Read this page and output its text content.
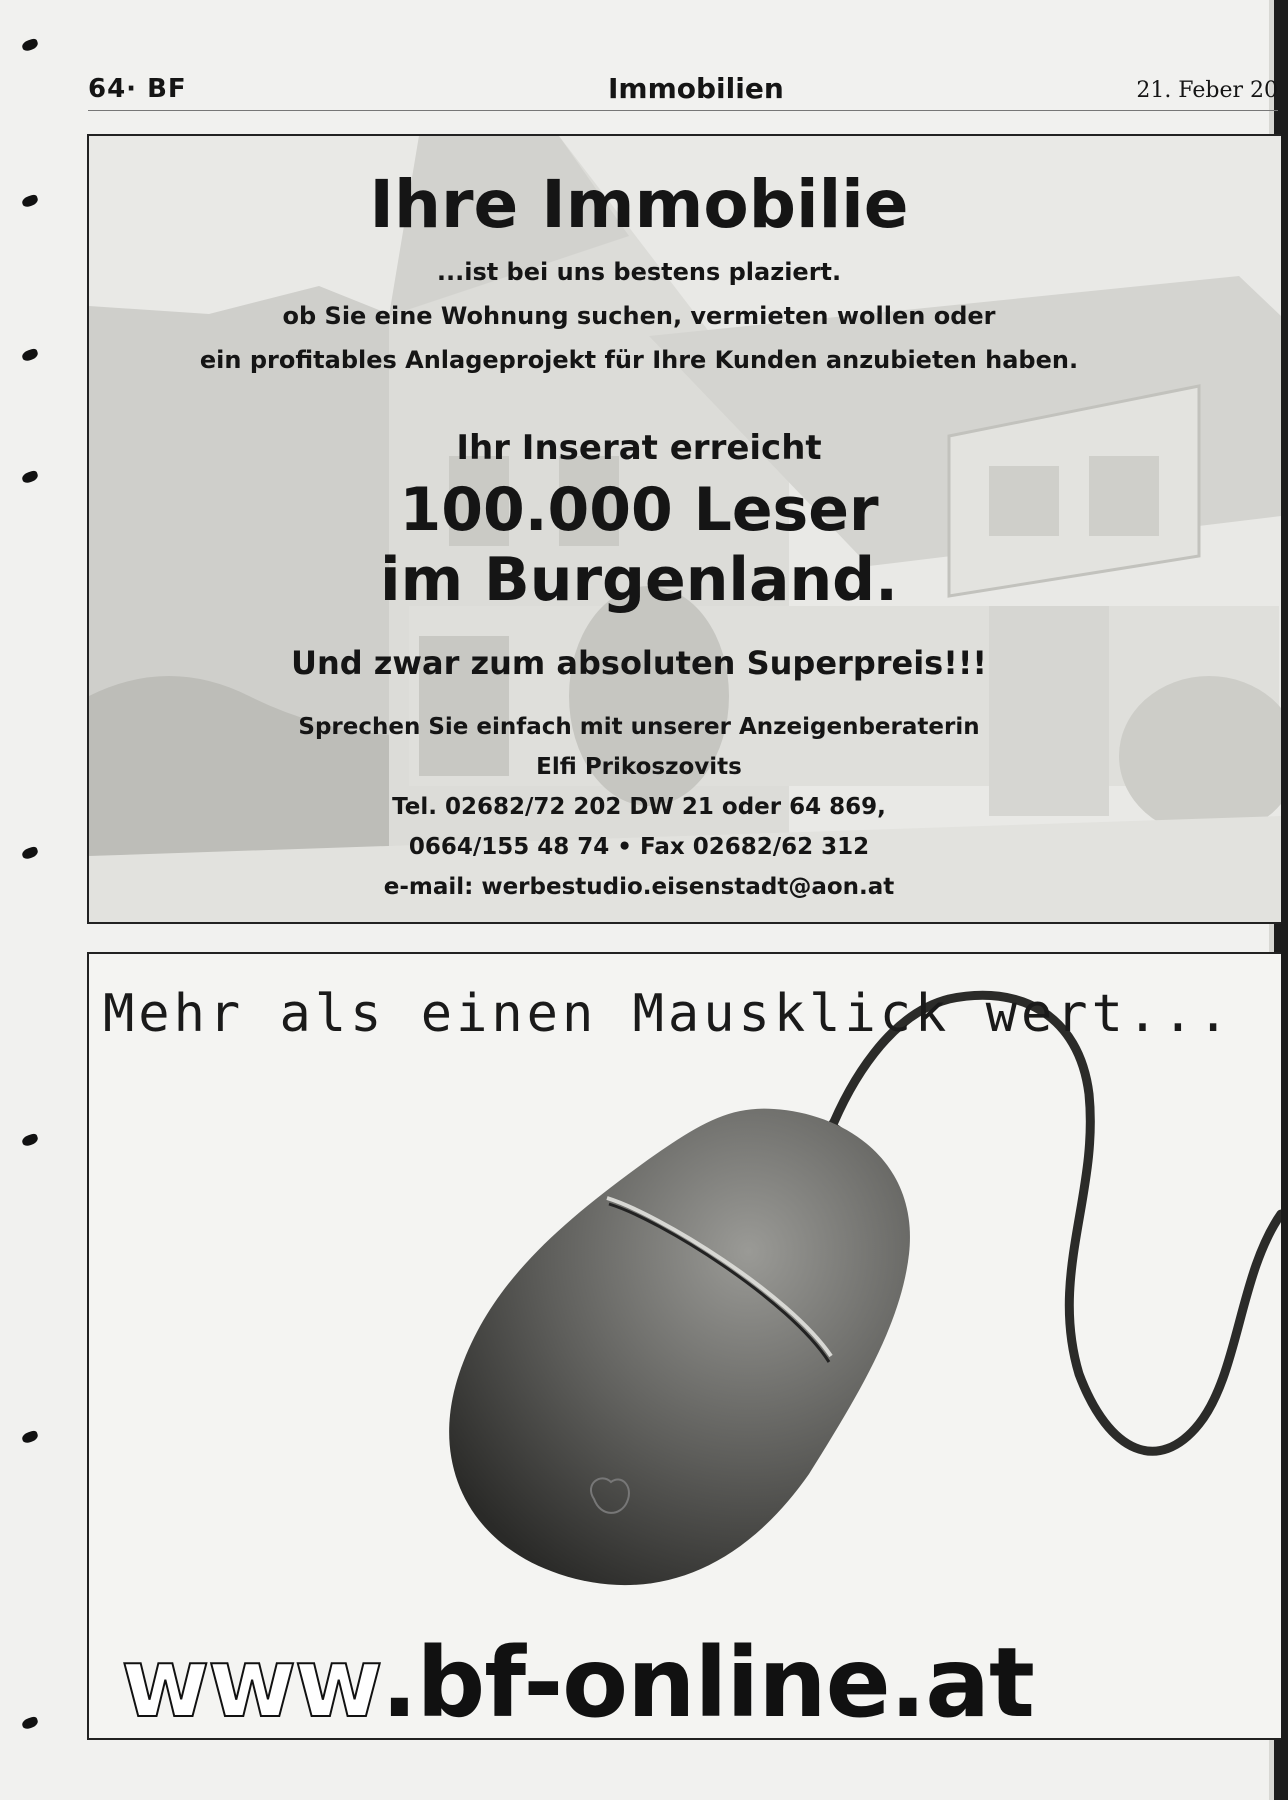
64· BF	Immobilien	21. Feber 20
Ihre Immobilie
...ist bei uns bestens plaziert.
ob Sie eine Wohnung suchen, vermieten wollen oder
ein profitables Anlageprojekt für Ihre Kunden anzubieten haben.
Ihr Inserat erreicht
100.000 Leser
im Burgenland.
Und zwar zum absoluten Superpreis!!!
Sprechen Sie einfach mit unserer Anzeigenberaterin
Elfi Prikoszovits
Tel. 02682/72 202 DW 21 oder 64 869,
0664/155 48 74 • Fax 02682/62 312
e-mail: werbestudio.eisenstadt@aon.at
Mehr als einen Mausklick wert...
www.bf-online.at
